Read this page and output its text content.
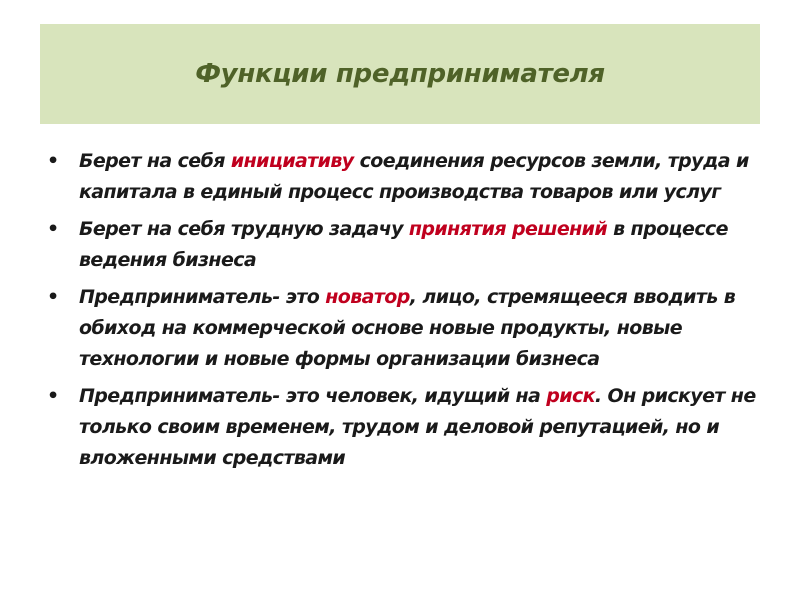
Функции предпринимателя
• Берет на себя инициативу соединения ресурсов земли, труда и капитала в единый процесс производства товаров или услуг
• Берет на себя трудную задачу принятия решений в процессе ведения бизнеса
• Предприниматель- это новатор, лицо, стремящееся вводить в обиход на коммерческой основе новые продукты, новые технологии и новые формы организации бизнеса
• Предприниматель- это человек, идущий на риск. Он рискует не только своим временем, трудом и деловой репутацией, но и вложенными средствами
